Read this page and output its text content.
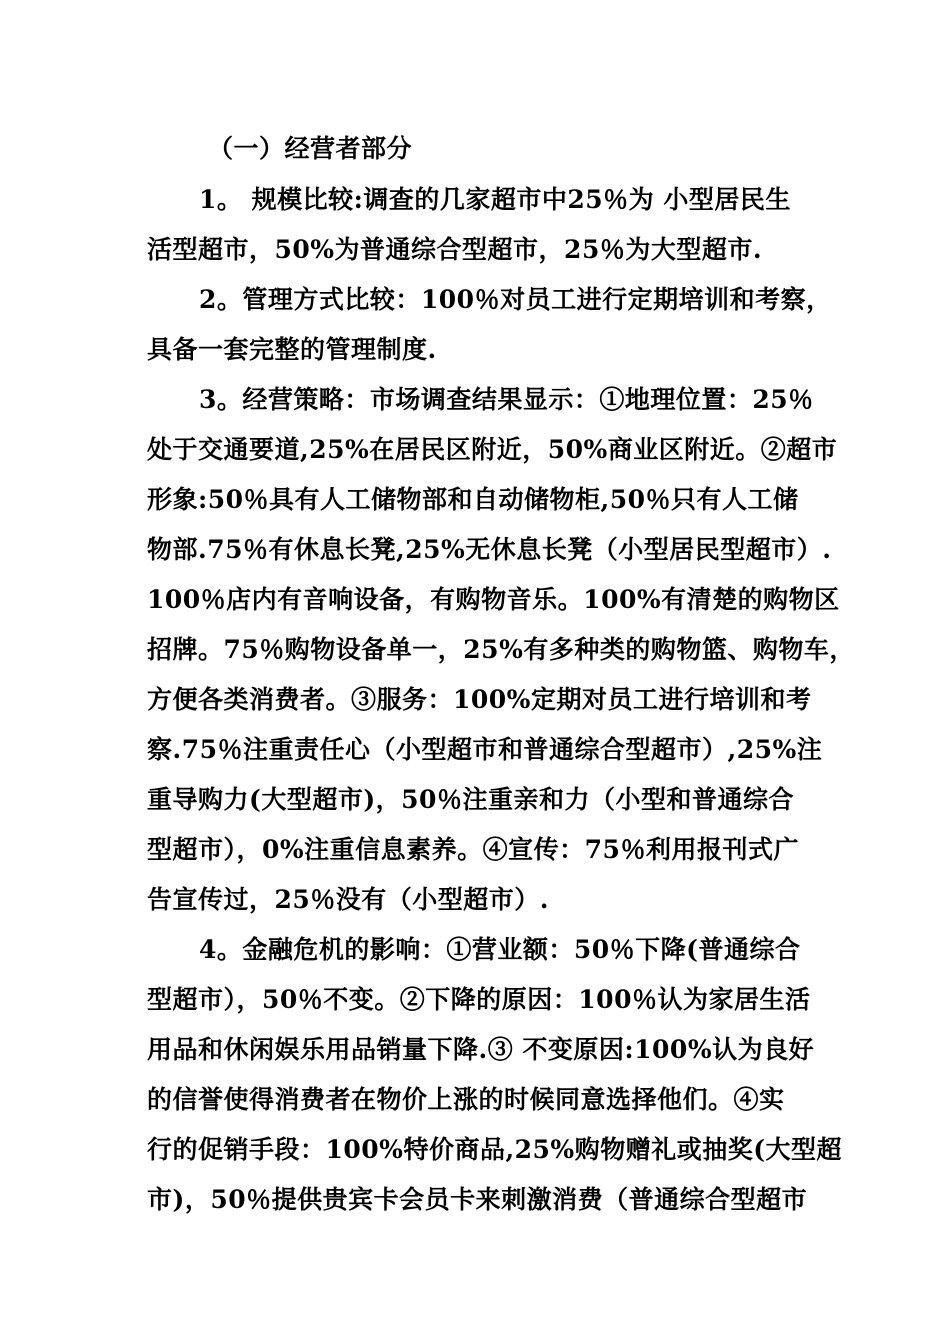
（一）经营者部分
1。 规模比较:调查的几家超市中25％为 小型居民生
活型超市，50%为普通综合型超市，25％为大型超市.
2。管理方式比较：100％对员工进行定期培训和考察，
具备一套完整的管理制度.
3。经营策略：市场调查结果显示：①地理位置：25％
处于交通要道,25%在居民区附近，50%商业区附近。②超市
形象:50％具有人工储物部和自动储物柜,50％只有人工储
物部.75％有休息长凳,25%无休息长凳（小型居民型超市）.
100％店内有音响设备，有购物音乐。100%有清楚的购物区
招牌。75％购物设备单一，25%有多种类的购物篮、购物车，
方便各类消费者。③服务：100%定期对员工进行培训和考
察.75％注重责任心（小型超市和普通综合型超市）,25%注
重导购力(大型超市)，50％注重亲和力（小型和普通综合
型超市），0%注重信息素养。④宣传：75％利用报刊式广
告宣传过，25％没有（小型超市）.
4。金融危机的影响：①营业额：50％下降(普通综合
型超市），50％不变。②下降的原因：100％认为家居生活
用品和休闲娱乐用品销量下降.③ 不变原因:100%认为良好
的信誉使得消费者在物价上涨的时候同意选择他们。④实
行的促销手段：100%特价商品,25%购物赠礼或抽奖(大型超
市)，50％提供贵宾卡会员卡来刺激消费（普通综合型超市
